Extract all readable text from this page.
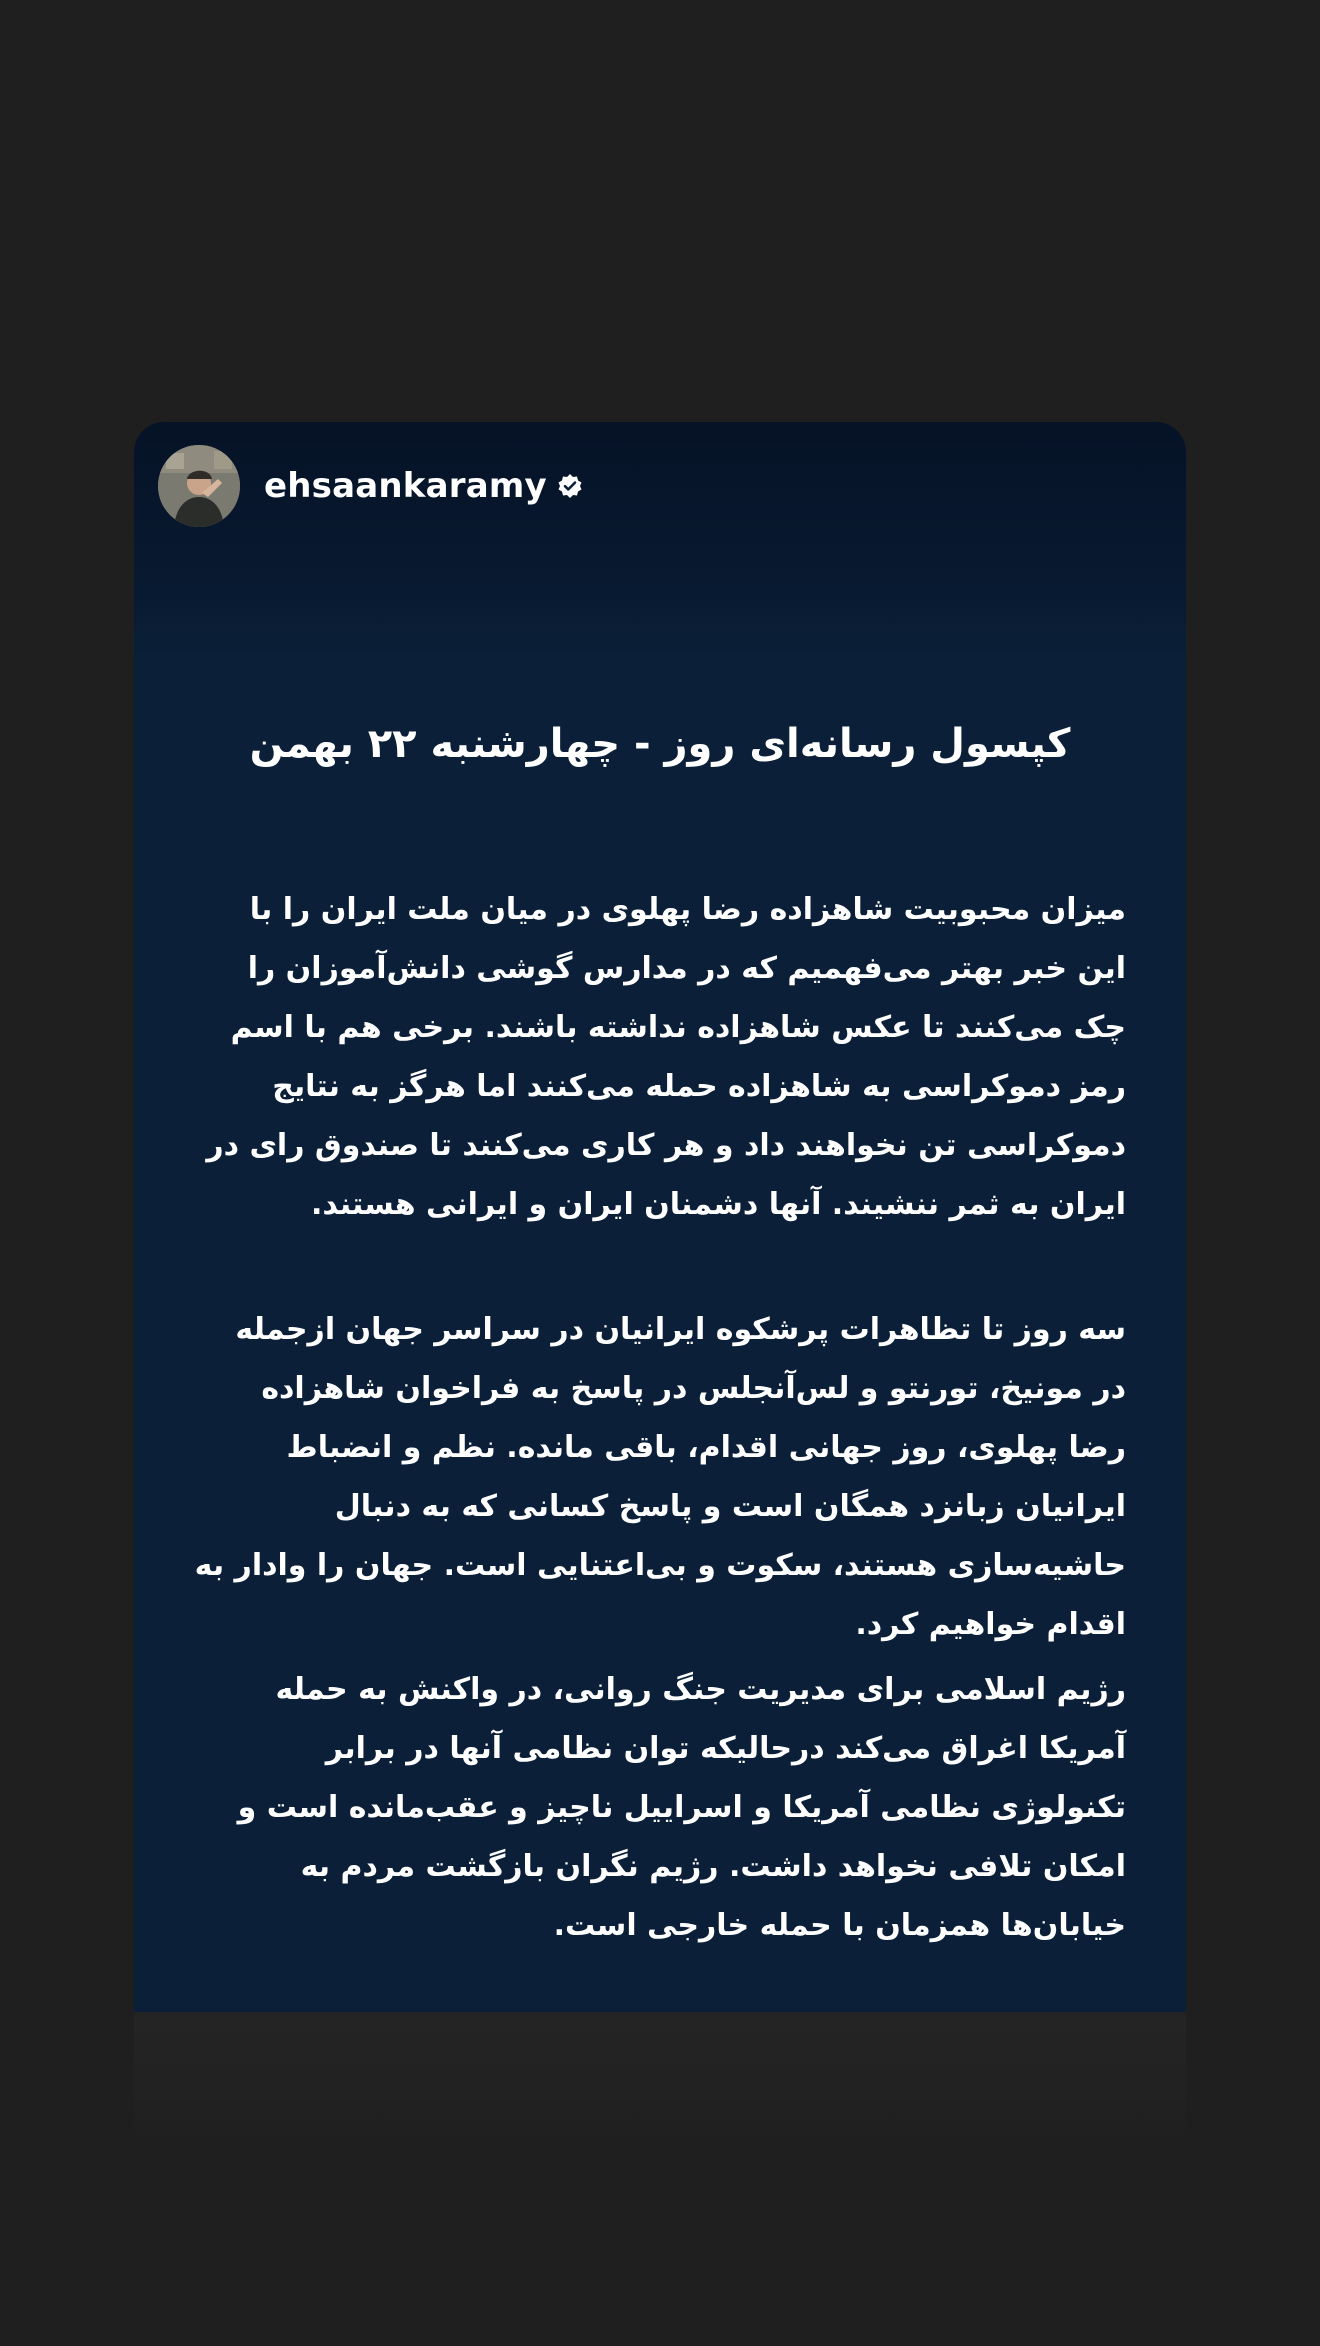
ehsaankaramy
کپسول رسانه‌ای روز - چهارشنبه ۲۲ بهمن

میزان محبوبیت شاهزاده رضا پهلوی در میان ملت ایران را با این خبر بهتر می‌فهمیم که در مدارس گوشی دانش‌آموزان را چک می‌کنند تا عکس شاهزاده نداشته باشند. برخی هم با اسم رمز دموکراسی به شاهزاده حمله می‌کنند اما هرگز به نتایج دموکراسی تن نخواهند داد و هر کاری می‌کنند تا صندوق رای در ایران به ثمر ننشیند. آنها دشمنان ایران و ایرانی هستند.

سه روز تا تظاهرات پرشکوه ایرانیان در سراسر جهان ازجمله در مونیخ، تورنتو و لس‌آنجلس در پاسخ به فراخوان شاهزاده رضا پهلوی، روز جهانی اقدام، باقی مانده. نظم و انضباط ایرانیان زبانزد همگان است و پاسخ کسانی که به دنبال حاشیه‌سازی هستند، سکوت و بی‌اعتنایی است. جهان را وادار به اقدام خواهیم کرد.

رژیم اسلامی برای مدیریت جنگ روانی، در واکنش به حمله آمریکا اغراق می‌کند درحالیکه توان نظامی آنها در برابر تکنولوژی نظامی آمریکا و اسراییل ناچیز و عقب‌مانده است و امکان تلافی نخواهد داشت. رژیم نگران بازگشت مردم به خیابان‌ها همزمان با حمله خارجی است.
